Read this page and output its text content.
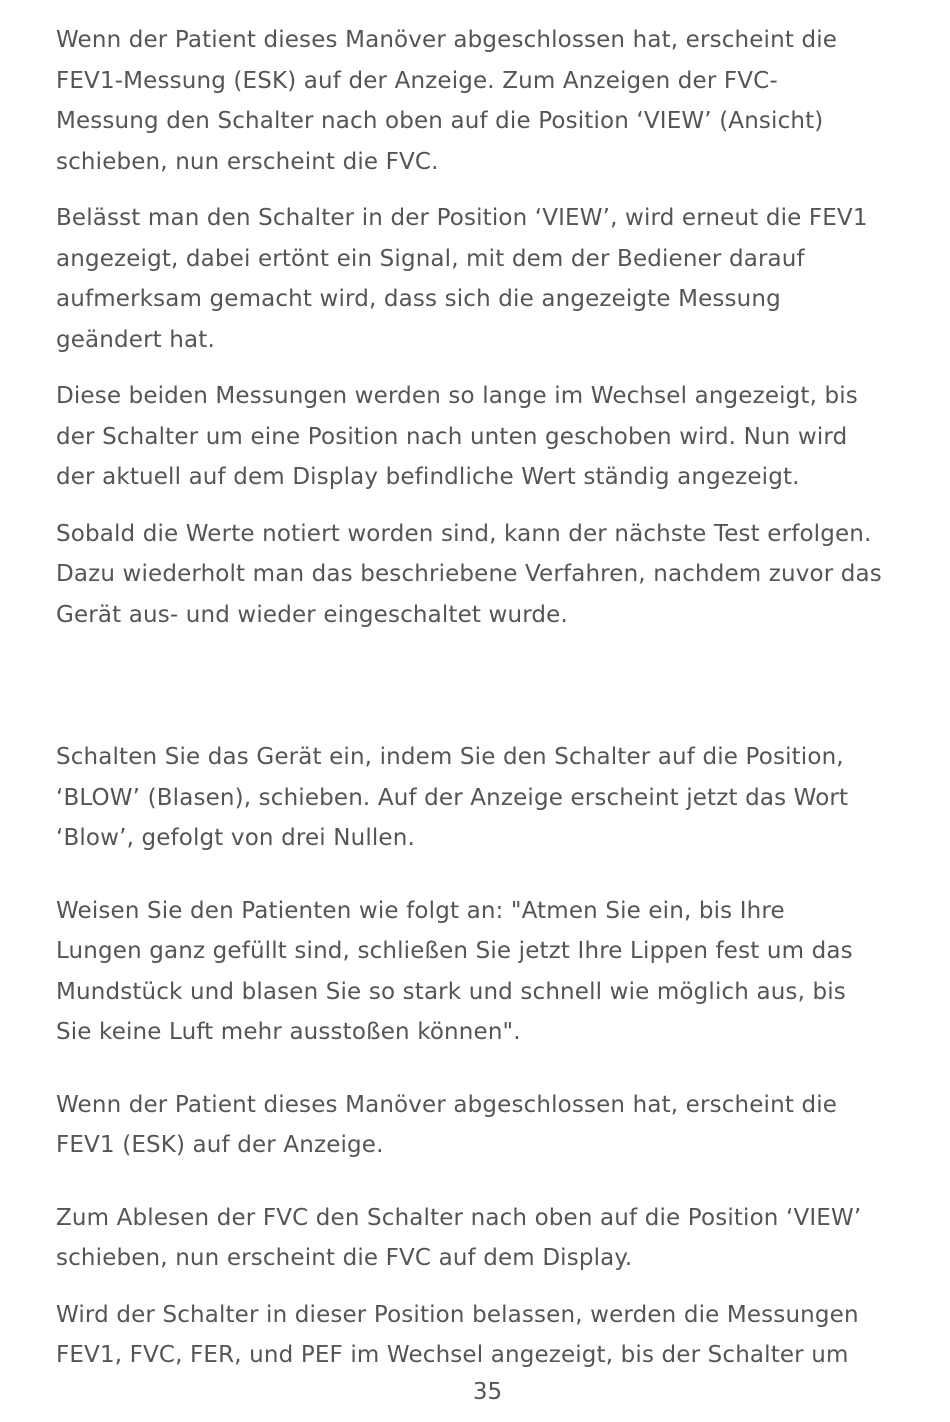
Wenn der Patient dieses Manöver abgeschlossen hat, erscheint die
FEV1-Messung (ESK) auf der Anzeige. Zum Anzeigen der FVC-
Messung den Schalter nach oben auf die Position ‘VIEW’ (Ansicht)
schieben, nun erscheint die FVC.

Belässt man den Schalter in der Position ‘VIEW’, wird erneut die FEV1
angezeigt, dabei ertönt ein Signal, mit dem der Bediener darauf
aufmerksam gemacht wird, dass sich die angezeigte Messung
geändert hat.

Diese beiden Messungen werden so lange im Wechsel angezeigt, bis
der Schalter um eine Position nach unten geschoben wird. Nun wird
der aktuell auf dem Display befindliche Wert ständig angezeigt.

Sobald die Werte notiert worden sind, kann der nächste Test erfolgen.
Dazu wiederholt man das beschriebene Verfahren, nachdem zuvor das
Gerät aus- und wieder eingeschaltet wurde.

Schalten Sie das Gerät ein, indem Sie den Schalter auf die Position,
‘BLOW’ (Blasen), schieben. Auf der Anzeige erscheint jetzt das Wort
‘Blow’, gefolgt von drei Nullen.

Weisen Sie den Patienten wie folgt an: "Atmen Sie ein, bis Ihre
Lungen ganz gefüllt sind, schließen Sie jetzt Ihre Lippen fest um das
Mundstück und blasen Sie so stark und schnell wie möglich aus, bis
Sie keine Luft mehr ausstoßen können".

Wenn der Patient dieses Manöver abgeschlossen hat, erscheint die
FEV1 (ESK) auf der Anzeige.

Zum Ablesen der FVC den Schalter nach oben auf die Position ‘VIEW’
schieben, nun erscheint die FVC auf dem Display.

Wird der Schalter in dieser Position belassen, werden die Messungen
FEV1, FVC, FER, und PEF im Wechsel angezeigt, bis der Schalter um

35
